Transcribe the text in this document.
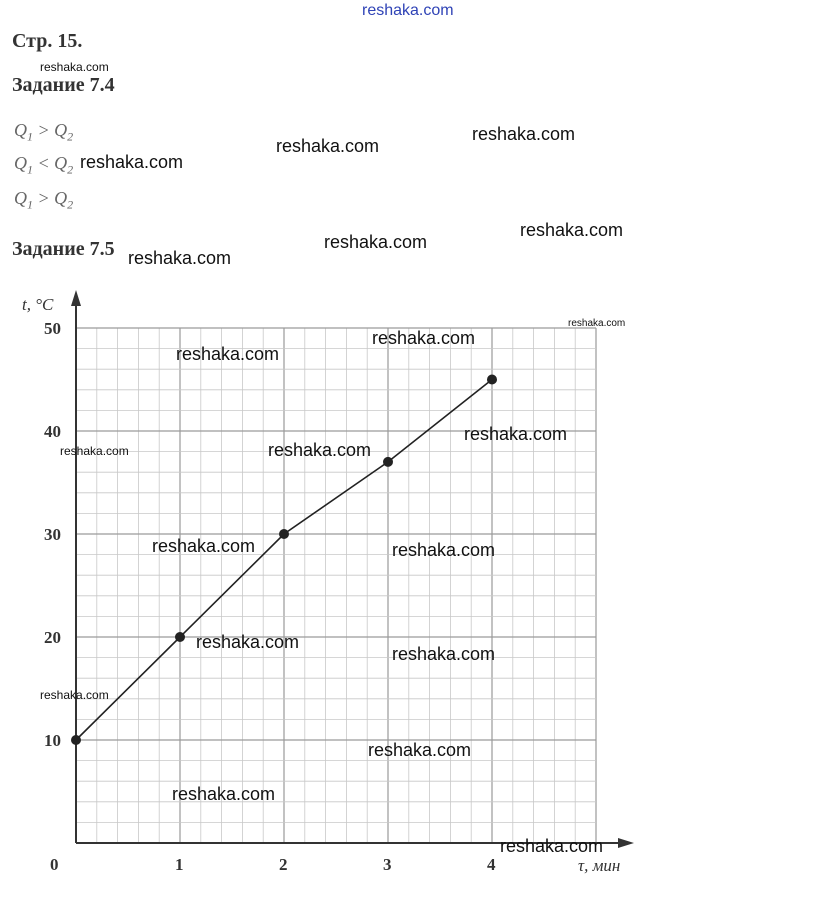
reshaka.com
Стр. 15.
Задание 7.4
$Q_1 > Q_2$
$Q_1 < Q_2$
$Q_1 > Q_2$
Задание 7.5
0	1	2	3	4
10
20
30
40
50
t, °C
τ, мин
reshaka.com
reshaka.com
reshaka.com
reshaka.com
reshaka.com
reshaka.com
reshaka.com
reshaka.com
reshaka.com
reshaka.com
reshaka.com
reshaka.com	reshaka.com
reshaka.com	reshaka.com
reshaka.com
reshaka.com
reshaka.com
reshaka.com
reshaka.com
reshaka.com
